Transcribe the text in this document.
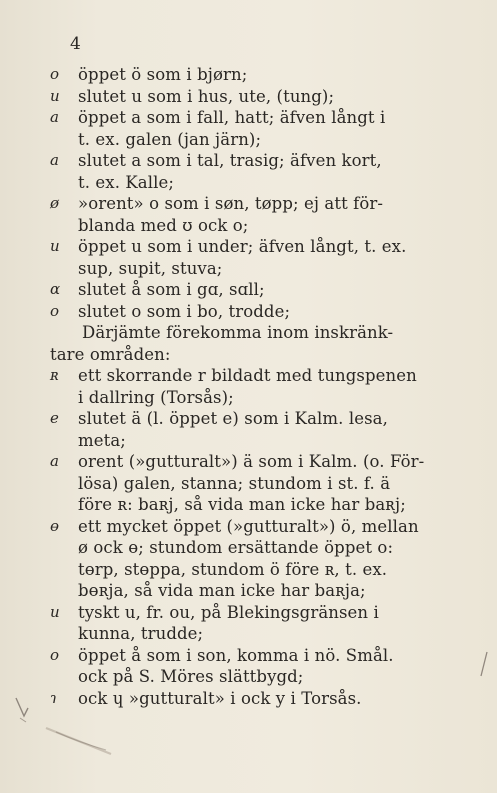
4
o	öppet ö som i bjørn;
u	slutet u som i hus, ute, (tung);
a	öppet a som i fall, hatt; äfven långt i
t. ex. galen (jan järn);
a	slutet a som i tal, trasig; äfven kort,
t. ex. Kalle;
ø	»orent» o som i søn, tøpp; ej att för-
blanda med ʊ ock o;
u	öppet u som i under; äfven långt, t. ex.
sup, supit, stuva;
ɑ	slutet å som i gɑ, sɑll;
o	slutet o som i bo, trodde;
Därjämte förekomma inom inskränk-
tare områden:
ʀ	ett skorrande r bildadt med tungspenen
i dallring (Torsås);
e	slutet ä (l. öppet e) som i Kalm. lesa,
meta;
a	orent (»gutturalt») ä som i Kalm. (o. För-
lösa) galen, stanna; stundom i st. f. ä
före ʀ: baʀj, så vida man icke har baʀj;
ɵ	ett mycket öppet (»gutturalt») ö, mellan
ø ock ɵ; stundom ersättande öppet o:
tɵrp, stɵppa, stundom ö före ʀ, t. ex.
bɵʀja, så vida man icke har baʀja;
u	tyskt u, fr. ou, på Blekingsgränsen i
kunna, trudde;
o	öppet å som i son, komma i nö. Smål.
ock på S. Möres slättbygd;
ɿ	ock ɥ »gutturalt» i ock y i Torsås.
